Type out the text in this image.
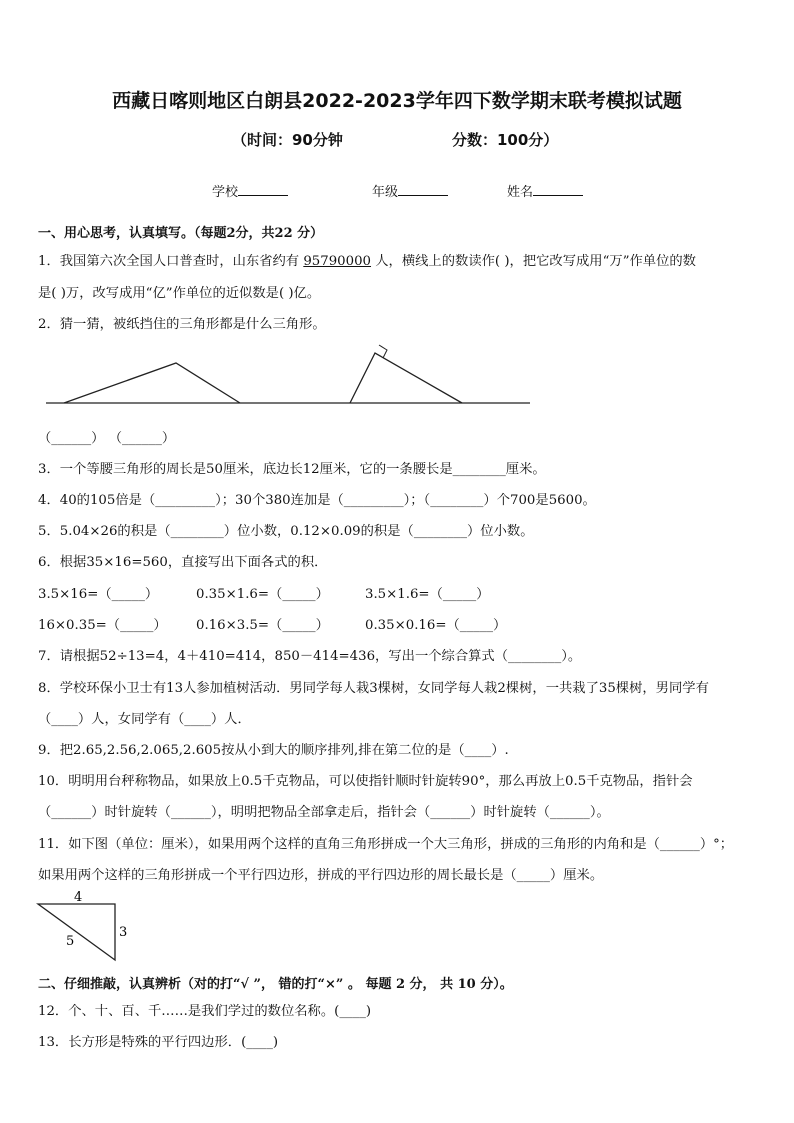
西藏日喀则地区白朗县2022-2023学年四下数学期末联考模拟试题
（时间：90分钟	分数：100分）
学校	年级	姓名
一、用心思考，认真填写。（每题2分，共22 分）
1．我国第六次全国人口普查时，山东省约有 95790000 人，横线上的数读作( )，把它改写成用“万”作单位的数
是( )万，改写成用“亿”作单位的近似数是( )亿。
2．猜一猜，被纸挡住的三角形都是什么三角形。
（______） （______）
3．一个等腰三角形的周长是50厘米，底边长12厘米，它的一条腰长是________厘米。
4．40的105倍是（_________）；30个380连加是（_________）；（________）个700是5600。
5．5.04×26的积是（________）位小数，0.12×0.09的积是（________）位小数。
6．根据35×16=560，直接写出下面各式的积．
3.5×16=（_____）	0.35×1.6=（_____）	3.5×1.6=（_____）
16×0.35=（_____） 0.16×3.5=（_____）	0.35×0.16=（_____）
7．请根据52÷13=4，4＋410=414，850－414=436，写出一个综合算式（________）。
8．学校环保小卫士有13人参加植树活动．男同学每人栽3棵树，女同学每人栽2棵树，一共栽了35棵树，男同学有
（____）人，女同学有（____）人．
9．把2.65,2.56,2.065,2.605按从小到大的顺序排列,排在第二位的是（____）.
10．明明用台秤称物品，如果放上0.5千克物品，可以使指针顺时针旋转90°，那么再放上0.5千克物品，指针会
（______）时针旋转（______），明明把物品全部拿走后，指针会（______）时针旋转（______）。
11．如下图（单位：厘米），如果用两个这样的直角三角形拼成一个大三角形，拼成的三角形的内角和是（______）°；
如果用两个这样的三角形拼成一个平行四边形，拼成的平行四边形的周长最长是（_____）厘米。
4
5
3
二、仔细推敲，认真辨析（对的打“√ ”， 错的打“×” 。 每题 2 分， 共 10 分）。
12．个、十、百、千……是我们学过的数位名称。(____)
13．长方形是特殊的平行四边形．(____)
